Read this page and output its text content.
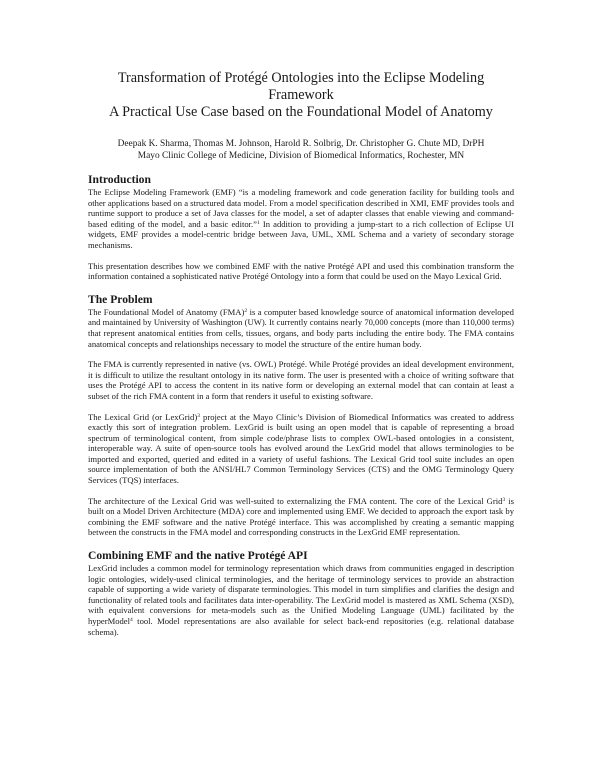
Transformation of Protégé Ontologies into the Eclipse Modeling Framework
A Practical Use Case based on the Foundational Model of Anatomy
Deepak K. Sharma, Thomas M. Johnson, Harold R. Solbrig, Dr. Christopher G. Chute MD, DrPH
Mayo Clinic College of Medicine, Division of Biomedical Informatics, Rochester, MN
Introduction

The Eclipse Modeling Framework (EMF) “is a modeling framework and code generation facility for building tools and other applications based on a structured data model. From a model specification described in XMI, EMF provides tools and runtime support to produce a set of Java classes for the model, a set of adapter classes that enable viewing and command-based editing of the model, and a basic editor.”$^1$ In addition to providing a jump-start to a rich collection of Eclipse UI widgets, EMF provides a model-centric bridge between Java, UML, XML Schema and a variety of secondary storage mechanisms.

This presentation describes how we combined EMF with the native Protégé API and used this combination transform the information contained a sophisticated native Protégé Ontology into a form that could be used on the Mayo Lexical Grid.

The Problem

The Foundational Model of Anatomy (FMA)$^2$ is a computer based knowledge source of anatomical information developed and maintained by University of Washington (UW). It currently contains nearly 70,000 concepts (more than 110,000 terms) that represent anatomical entities from cells, tissues, organs, and body parts including the entire body. The FMA contains anatomical concepts and relationships necessary to model the structure of the entire human body.

The FMA is currently represented in native (vs. OWL) Protégé. While Protégé provides an ideal development environment, it is difficult to utilize the resultant ontology in its native form. The user is presented with a choice of writing software that uses the Protégé API to access the content in its native form or developing an external model that can contain at least a subset of the rich FMA content in a form that renders it useful to existing software.

The Lexical Grid (or LexGrid)$^3$ project at the Mayo Clinic’s Division of Biomedical Informatics was created to address exactly this sort of integration problem. LexGrid is built using an open model that is capable of representing a broad spectrum of terminological content, from simple code/phrase lists to complex OWL-based ontologies in a consistent, interoperable way. A suite of open-source tools has evolved around the LexGrid model that allows terminologies to be imported and exported, queried and edited in a variety of useful fashions. The Lexical Grid tool suite includes an open source implementation of both the ANSI/HL7 Common Terminology Services (CTS) and the OMG Terminology Query Services (TQS) interfaces.

The architecture of the Lexical Grid was well-suited to externalizing the FMA content. The core of the Lexical Grid$^3$ is built on a Model Driven Architecture (MDA) core and implemented using EMF. We decided to approach the export task by combining the EMF software and the native Protégé interface. This was accomplished by creating a semantic mapping between the constructs in the FMA model and corresponding constructs in the LexGrid EMF representation.

Combining EMF and the native Protégé API

LexGrid includes a common model for terminology representation which draws from communities engaged in description logic ontologies, widely-used clinical terminologies, and the heritage of terminology services to provide an abstraction capable of supporting a wide variety of disparate terminologies. This model in turn simplifies and clarifies the design and functionality of related tools and facilitates data inter-operability. The LexGrid model is mastered as XML Schema (XSD), with equivalent conversions for meta-models such as the Unified Modeling Language (UML) facilitated by the hyperModel$^4$ tool. Model representations are also available for select back-end repositories (e.g. relational database schema).
